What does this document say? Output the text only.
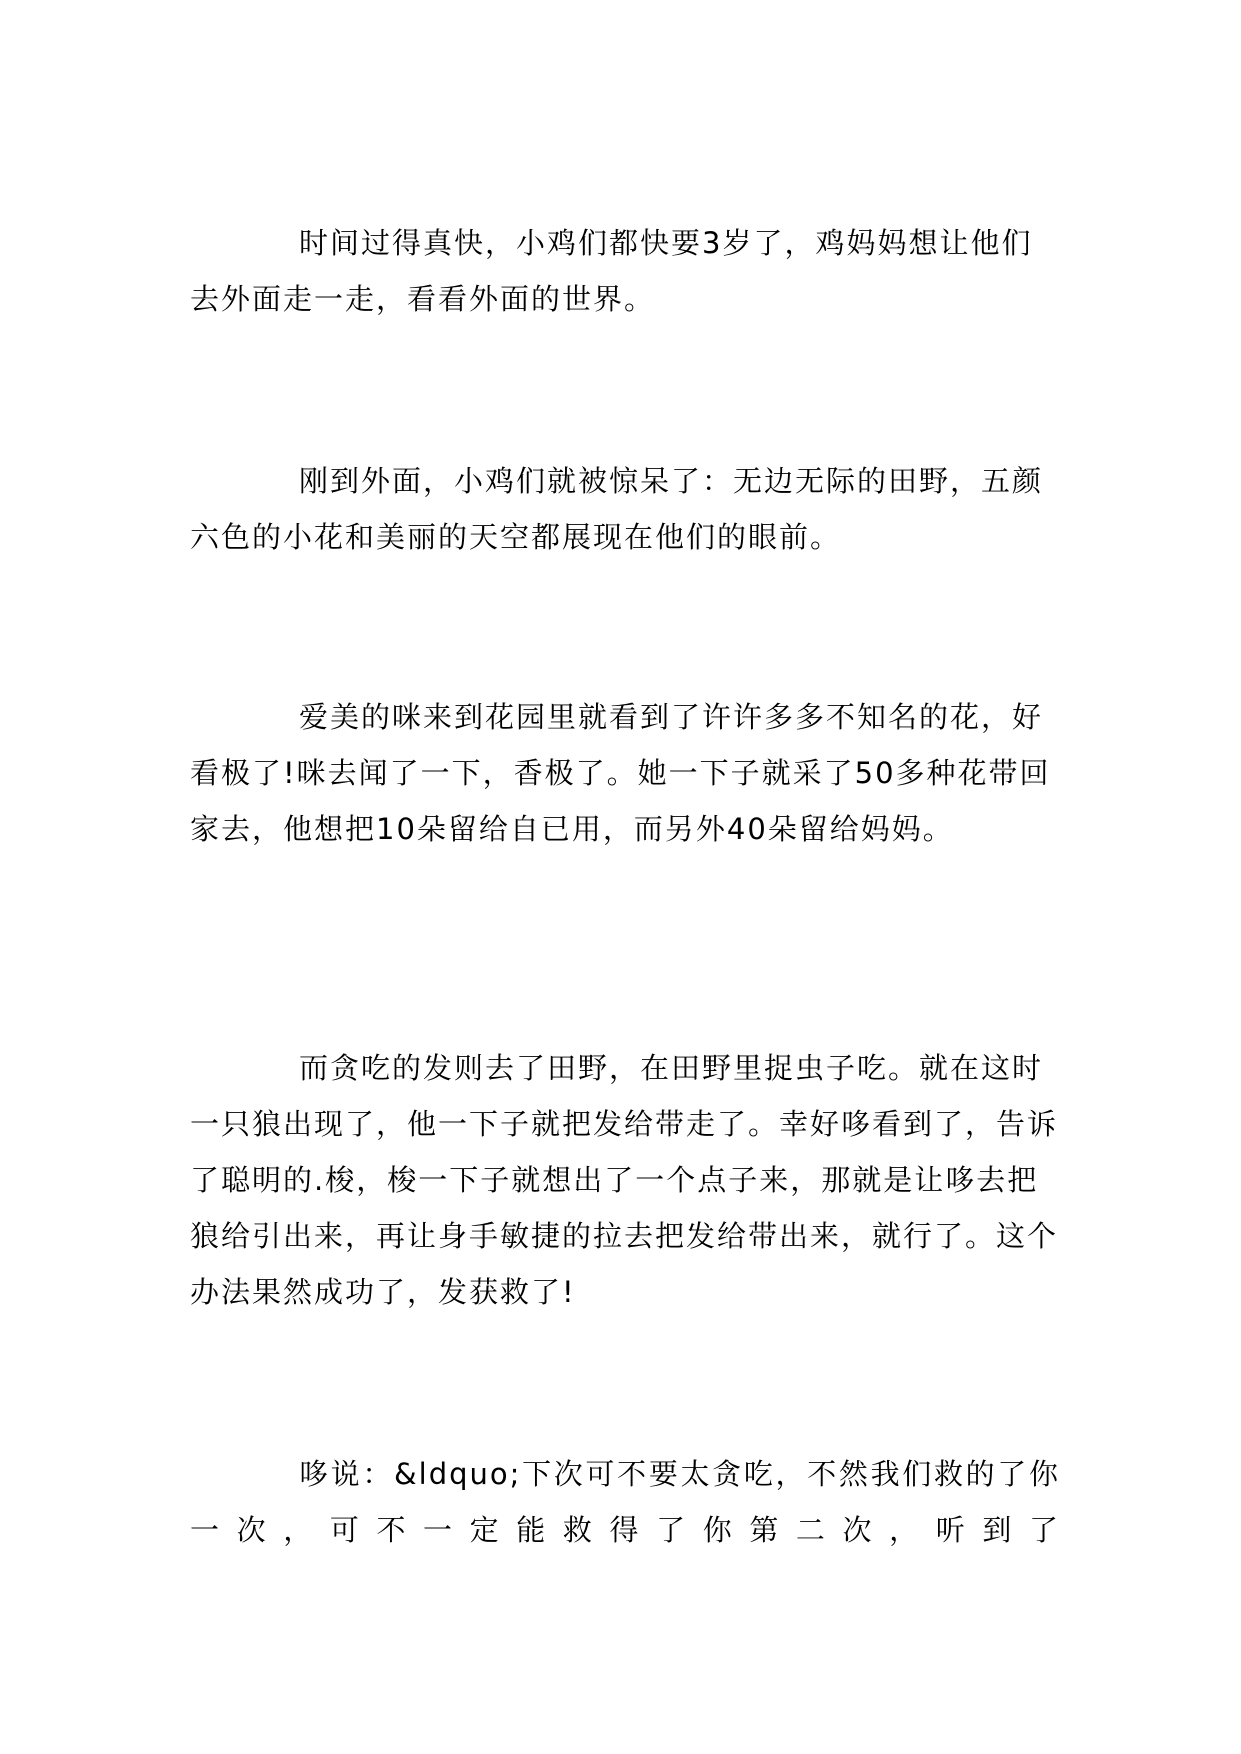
时间过得真快，小鸡们都快要3岁了，鸡妈妈想让他们去外面走一走，看看外面的世界。

刚到外面，小鸡们就被惊呆了：无边无际的田野，五颜六色的小花和美丽的天空都展现在他们的眼前。

爱美的咪来到花园里就看到了许许多多不知名的花，好看极了!咪去闻了一下，香极了。她一下子就采了50多种花带回家去，他想把10朵留给自已用，而另外40朵留给妈妈。

而贪吃的发则去了田野，在田野里捉虫子吃。就在这时一只狼出现了，他一下子就把发给带走了。幸好哆看到了，告诉了聪明的.梭，梭一下子就想出了一个点子来，那就是让哆去把狼给引出来，再让身手敏捷的拉去把发给带出来，就行了。这个办法果然成功了，发获救了!

哆说：&ldquo;下次可不要太贪吃，不然我们救的了你一次，可不一定能救得了你第二次，听到了
